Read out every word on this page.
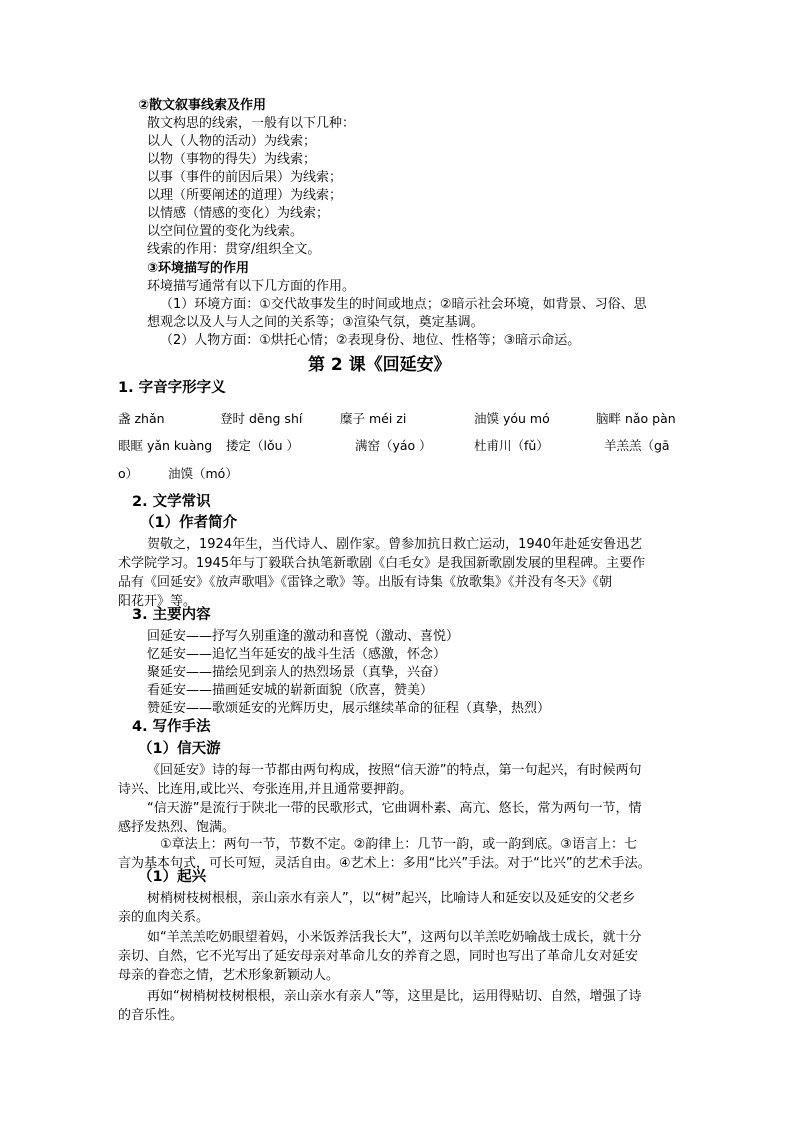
②散文叙事线索及作用
散文构思的线索，一般有以下几种：
以人（人物的活动）为线索；
以物（事物的得失）为线索；
以事（事件的前因后果）为线索；
以理（所要阐述的道理）为线索；
以情感（情感的变化）为线索；
以空间位置的变化为线索。
线索的作用：贯穿/组织全文。
③环境描写的作用
环境描写通常有以下几方面的作用。
（1）环境方面：①交代故事发生的时间或地点；②暗示社会环境，如背景、习俗、思
想观念以及人与人之间的关系等；③渲染气氛，奠定基调。
（2）人物方面：①烘托心情；②表现身份、地位、性格等；③暗示命运。
第 2 课《回延安》
1. 字音字形字义
盏 zhǎn	登时 dēng shí	糜子 méi zi	油馍 yóu mó	脑畔 nǎo pàn
眼眶 yǎn kuàng 搂定（lǒu ）	满窑（yáo ）	杜甫川（fǔ）	羊羔羔（gā
o） 油馍（mó）
2. 文学常识
（1）作者简介
贺敬之，1924年生，当代诗人、剧作家。曾参加抗日救亡运动，1940年赴延安鲁迅艺
术学院学习。1945年与丁毅联合执笔新歌剧《白毛女》是我国新歌剧发展的里程碑。主要作
品有《回延安》《放声歌唱》《雷锋之歌》等。出版有诗集《放歌集》《并没有冬天》《朝
阳花开》等。
3. 主要内容
回延安——抒写久别重逢的激动和喜悦（激动、喜悦）
忆延安——追忆当年延安的战斗生活（感激，怀念）
聚延安——描绘见到亲人的热烈场景（真挚，兴奋）
看延安——描画延安城的崭新面貌（欣喜，赞美）
赞延安——歌颂延安的光辉历史，展示继续革命的征程（真挚，热烈）
4. 写作手法
（1）信天游
《回延安》诗的每一节都由两句构成，按照“信天游”的特点，第一句起兴，有时候两句
诗兴、比连用,或比兴、夸张连用,并且通常要押韵。
“信天游”是流行于陕北一带的民歌形式，它曲调朴素、高亢、悠长，常为两句一节，情
感抒发热烈、饱满。
①章法上：两句一节，节数不定。②韵律上：几节一韵，或一韵到底。③语言上：七
言为基本句式，可长可短，灵活自由。④艺术上：多用“比兴”手法。对于“比兴”的艺术手法。
（1）起兴
树梢树枝树根根，亲山亲水有亲人”，以“树”起兴，比喻诗人和延安以及延安的父老乡
亲的血肉关系。
如“羊羔羔吃奶眼望着妈，小米饭养活我长大”，这两句以羊羔吃奶喻战士成长，就十分
亲切、自然，它不光写出了延安母亲对革命儿女的养育之恩，同时也写出了革命儿女对延安
母亲的眷恋之情，艺术形象新颖动人。
再如“树梢树枝树根根，亲山亲水有亲人”等，这里是比，运用得贴切、自然，增强了诗
的音乐性。
